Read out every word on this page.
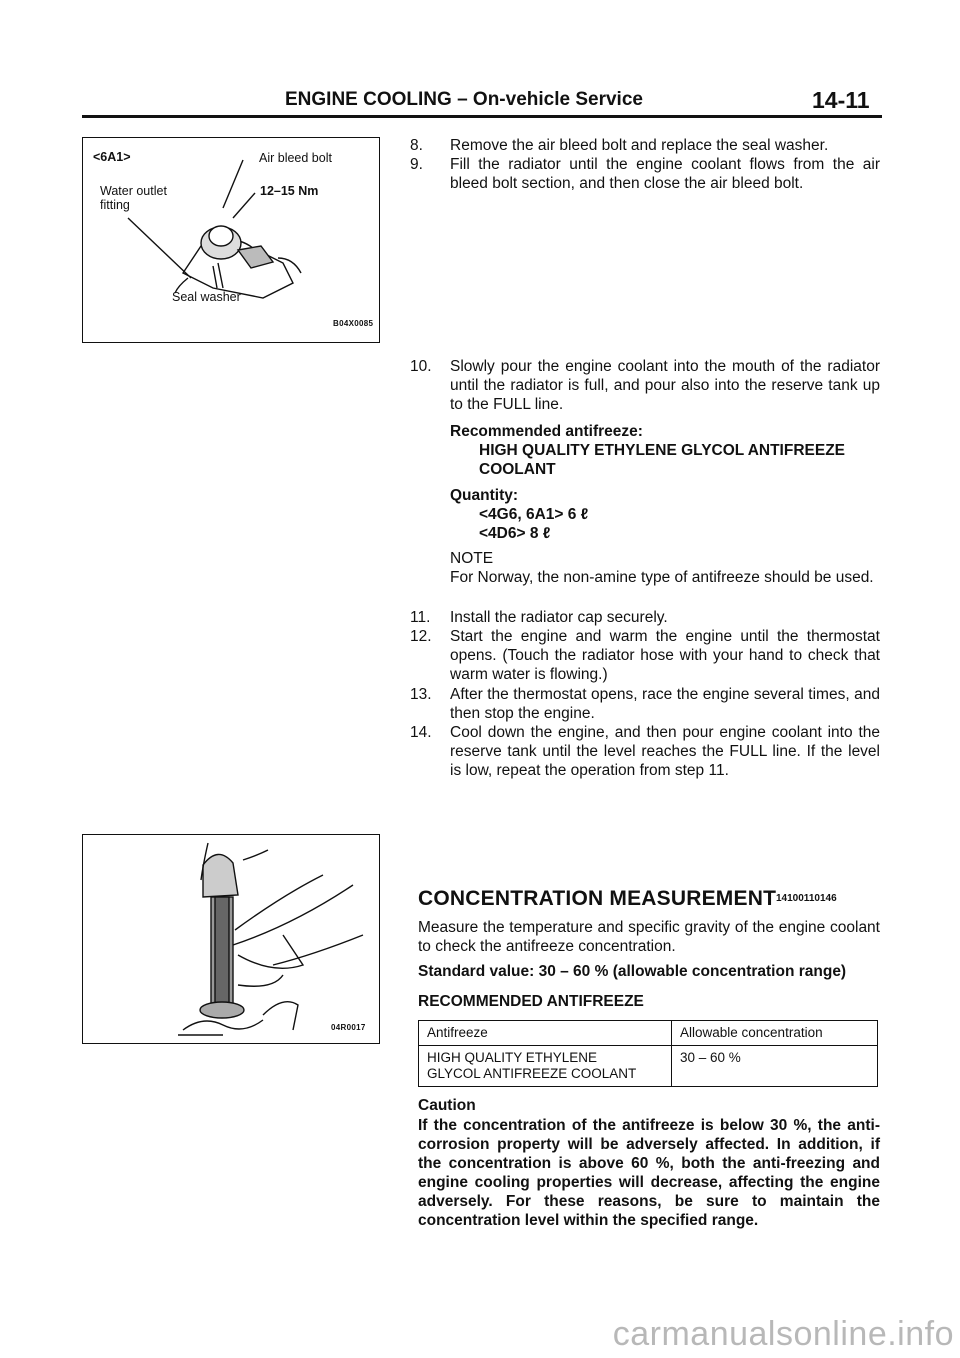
ENGINE COOLING – On-vehicle Service	14-11
<6A1>	Air bleed bolt
Water outlet
fitting
12–15 Nm
Seal washer
B04X0085
8.	Remove the air bleed bolt and replace the seal washer.
9.	Fill the radiator until the engine coolant flows from the air bleed bolt section, and then close the air bleed bolt.
10.	Slowly pour the engine coolant into the mouth of the radiator until the radiator is full, and pour also into the reserve tank up to the FULL line.
Recommended antifreeze:
HIGH QUALITY ETHYLENE GLYCOL ANTIFREEZE
COOLANT
Quantity:
<4G6, 6A1> 6 ℓ
<4D6> 8 ℓ
NOTE
For Norway, the non-amine type of antifreeze should be used.
11.	Install the radiator cap securely.
12.	Start the engine and warm the engine until the thermostat opens. (Touch the radiator hose with your hand to check that warm water is flowing.)
13.	After the thermostat opens, race the engine several times, and then stop the engine.
14.	Cool down the engine, and then pour engine coolant into the reserve tank until the level reaches the FULL line. If the level is low, repeat the operation from step 11.
04R0017
CONCENTRATION MEASUREMENT 14100110146
Measure the temperature and specific gravity of the engine coolant to check the antifreeze concentration.
Standard value: 30 – 60 % (allowable concentration range)
RECOMMENDED ANTIFREEZE
Antifreeze	Allowable concentration

HIGH QUALITY ETHYLENE
GLYCOL ANTIFREEZE COOLANT	30 – 60 %
Caution
If the concentration of the antifreeze is below 30 %, the anti-corrosion property will be adversely affected. In addition, if the concentration is above 60 %, both the anti-freezing and engine cooling properties will decrease, affecting the engine adversely. For these reasons, be sure to maintain the concentration level within the specified range.
carmanualsonline.info
